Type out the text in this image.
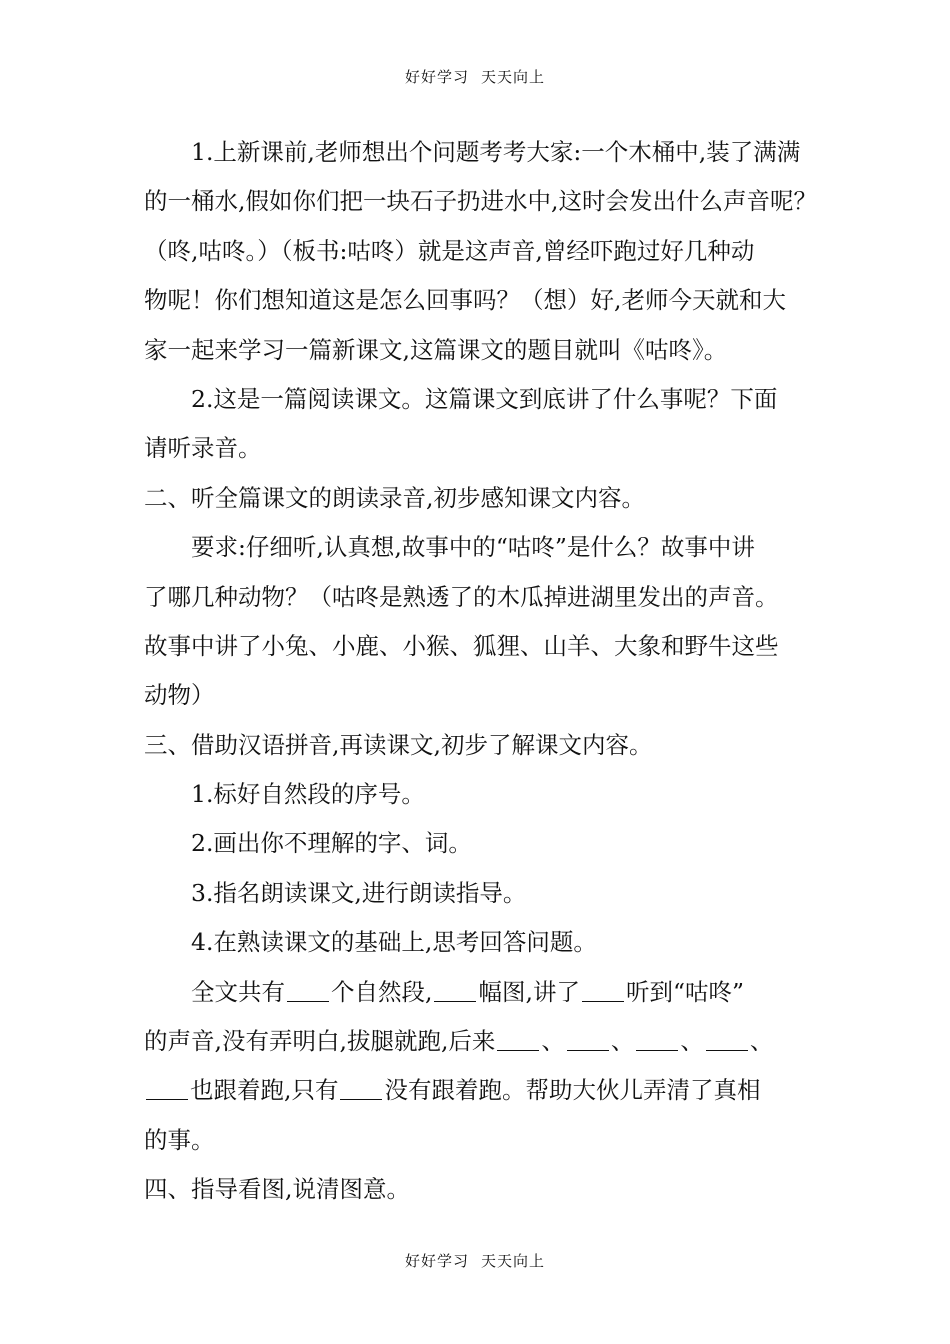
好好学习 天天向上
1.上新课前,老师想出个问题考考大家:一个木桶中,装了满满
的一桶水,假如你们把一块石子扔进水中,这时会发出什么声音呢？
（咚,咕咚。）（板书:咕咚）就是这声音,曾经吓跑过好几种动
物呢！你们想知道这是怎么回事吗？（想）好,老师今天就和大
家一起来学习一篇新课文,这篇课文的题目就叫《咕咚》。
2.这是一篇阅读课文。这篇课文到底讲了什么事呢？下面
请听录音。
二、听全篇课文的朗读录音,初步感知课文内容。
要求:仔细听,认真想,故事中的“咕咚”是什么？故事中讲
了哪几种动物？（咕咚是熟透了的木瓜掉进湖里发出的声音。
故事中讲了小兔、小鹿、小猴、狐狸、山羊、大象和野牛这些
动物）
三、借助汉语拼音,再读课文,初步了解课文内容。
1.标好自然段的序号。
2.画出你不理解的字、词。
3.指名朗读课文,进行朗读指导。
4.在熟读课文的基础上,思考回答问题。
全文共有 个自然段, 幅图,讲了 听到“咕咚”
的声音,没有弄明白,拔腿就跑,后来 、 、 、 、
也跟着跑,只有 没有跟着跑。帮助大伙儿弄清了真相
的事。
四、指导看图,说清图意。
好好学习 天天向上
